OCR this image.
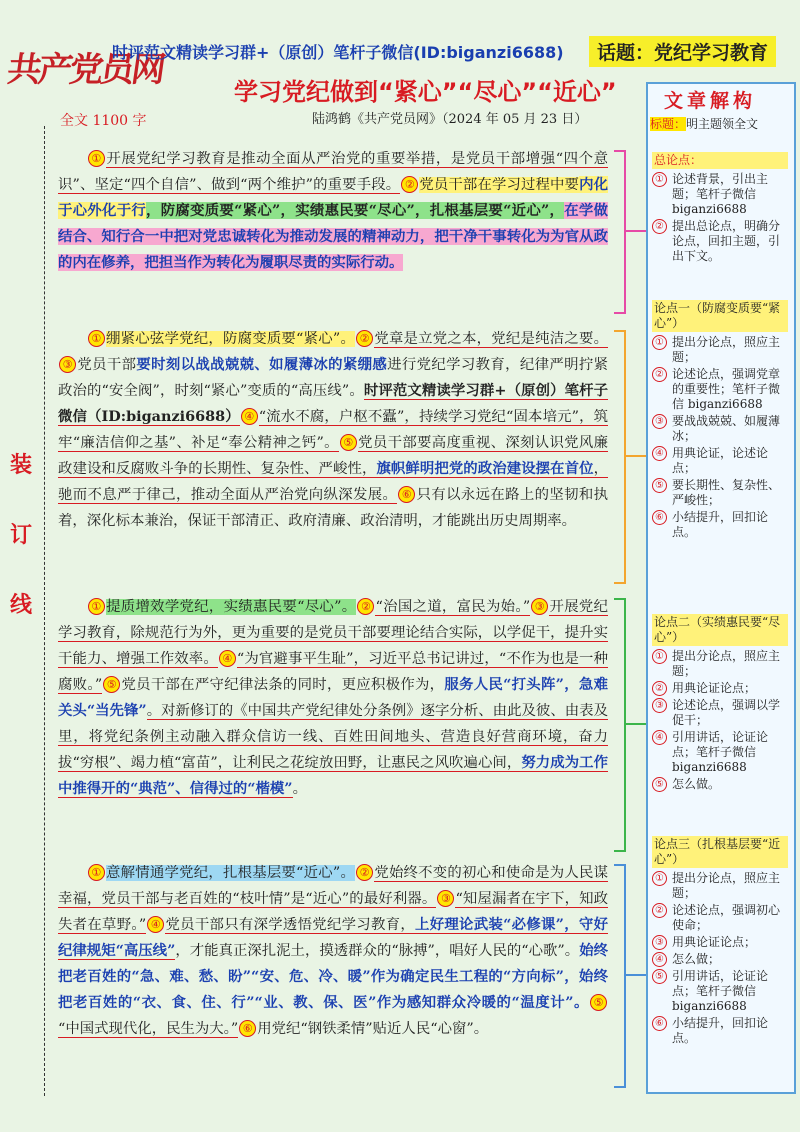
共产党员网
时评范文精读学习群+（原创）笔杆子微信(ID:biganzi6688)	话题：党纪学习教育
学习党纪做到“紧心”“尽心”“近心”
全文 1100 字	陆鸿鹤《共产党员网》（2024 年 05 月 23 日）
装
订
线

  ① 开展党纪学习教育是推动全面从严治党的重要举措，是党员干部增强“四个意识”、坚定“四个自信”、做到“两个维护”的重要手段。 ② 党员干部在学习过程中要内化于心外化于行，防腐变质要“紧心”，实绩惠民要“尽心”，扎根基层要“近心”，在学做结合、知行合一中把对党忠诚转化为推动发展的精神动力，把干净干事转化为为官从政的内在修养，把担当作为转化为履职尽责的实际行动。

  ① 绷紧心弦学党纪，防腐变质要“紧心”。 ② 党章是立党之本，党纪是纯洁之要。③ 党员干部要时刻以战战兢兢、如履薄冰的紧绷感进行党纪学习教育，纪律严明拧紧政治的“安全阀”，时刻“紧心”变质的“高压线”。时评范文精读学习群+（原创）笔杆子微信（ID:biganzi6688） ④ “流水不腐，户枢不蠹”，持续学习党纪“固本培元”，筑牢“廉洁信仰之基”、补足“奉公精神之钙”。 ⑤ 党员干部要高度重视、深刻认识党风廉政建设和反腐败斗争的长期性、复杂性、严峻性，旗帜鲜明把党的政治建设摆在首位，驰而不息严于律己，推动全面从严治党向纵深发展。 ⑥ 只有以永远在路上的坚韧和执着，深化标本兼治，保证干部清正、政府清廉、政治清明，才能跳出历史周期率。

  ① 提质增效学党纪，实绩惠民要“尽心”。 ② “治国之道，富民为始。” ③ 开展党纪学习教育，除规范行为外，更为重要的是党员干部要理论结合实际，以学促干，提升实干能力、增强工作效率。 ④ “为官避事平生耻”，习近平总书记讲过，“不作为也是一种腐败。” ⑤ 党员干部在严守纪律法条的同时，更应积极作为，服务人民“打头阵”，急难关头“当先锋”。对新修订的《中国共产党纪律处分条例》逐字分析、由此及彼、由表及里，将党纪条例主动融入群众信访一线、百姓田间地头、营造良好营商环境，奋力拔“穷根”、竭力植“富苗”，让利民之花绽放田野，让惠民之风吹遍心间，努力成为工作中推得开的“典范”、信得过的“楷模”。

  ① 意解情通学党纪，扎根基层要“近心”。 ② 党始终不变的初心和使命是为人民谋幸福，党员干部与老百姓的“枝叶情”是“近心”的最好利器。 ③ “知屋漏者在宇下，知政失者在草野。” ④ 党员干部只有深学透悟党纪学习教育，上好理论武装“必修课”，守好纪律规矩“高压线”，才能真正深扎泥土，摸透群众的“脉搏”，唱好人民的“心歌”。始终把老百姓的“急、难、愁、盼”“安、危、冷、暖”作为确定民生工程的“方向标”，始终把老百姓的“衣、食、住、行”“业、教、保、医”作为感知群众冷暖的“温度计”。 ⑤“中国式现代化，民生为大。” ⑥ 用党纪“钢铁柔情”贴近人民“心窗”。

文章解构
标题：明主题领全文
总论点：
① 论述背景，引出主题；笔杆子微信 biganzi6688
② 提出总论点，明确分论点，回扣主题，引出下文。
论点一（防腐变质要“紧心”）
① 提出分论点，照应主题；
② 论述论点，强调党章的重要性；笔杆子微信 biganzi6688
③ 要战战兢兢、如履薄冰；
④ 用典论证，论述论点；
⑤ 要长期性、复杂性、严峻性；
⑥ 小结提升，回扣论点。
论点二（实绩惠民要“尽心”）
① 提出分论点，照应主题；
② 用典论证论点；
③ 论述论点，强调以学促干；
④ 引用讲话，论证论点；笔杆子微信 biganzi6688
⑤ 怎么做。
论点三（扎根基层要“近心”）
① 提出分论点，照应主题；
② 论述论点，强调初心使命；
③ 用典论证论点；
④ 怎么做；
⑤ 引用讲话，论证论点；笔杆子微信 biganzi6688
⑥ 小结提升，回扣论点。
